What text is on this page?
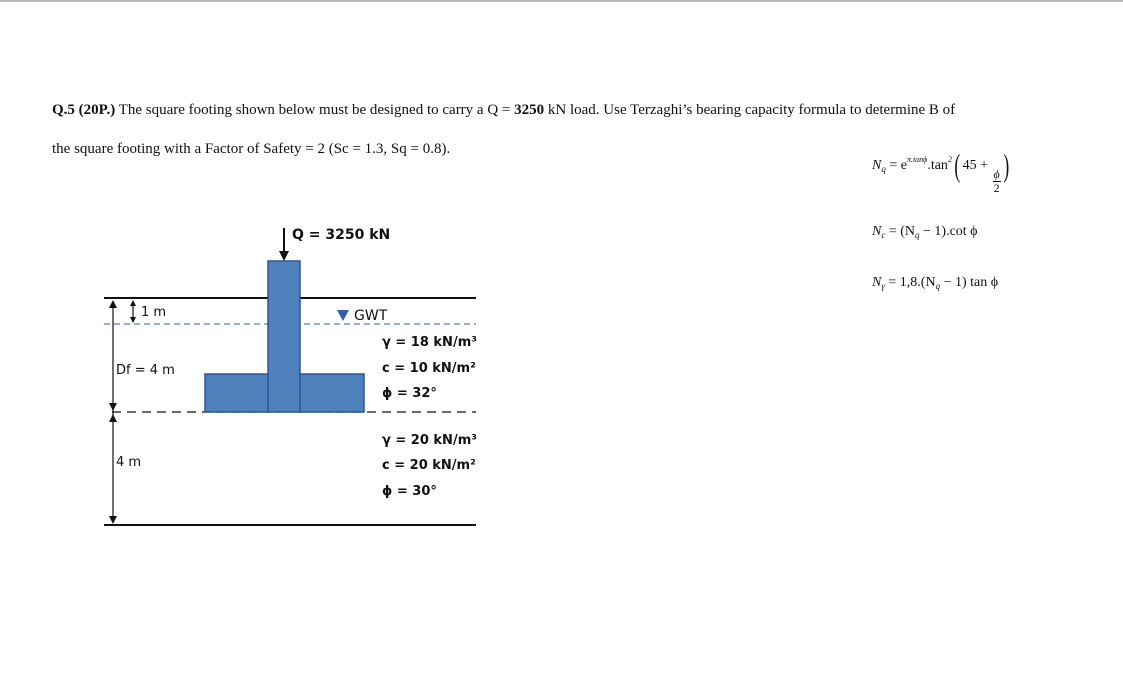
Q.5 (20P.) The square footing shown below must be designed to carry a Q = 3250 kN load. Use Terzaghi’s bearing capacity formula to determine B of
the square footing with a Factor of Safety = 2 (Sc = 1.3, Sq = 0.8).
$N_q = e^{\pi.tan\phi}.\tan^2$( 45 +
$\frac{\phi}{2}$ )
$N_c = (N_q - 1).\cot$ ϕ
$N_\gamma = 1,8.(N_q - 1)$ tan ϕ
Q = 3250 kN
GWT
1 m
Df = 4 m
4 m
γ = 18 kN/m³
c = 10 kN/m²
ϕ = 32°
γ = 20 kN/m³
c = 20 kN/m²
ϕ = 30°
